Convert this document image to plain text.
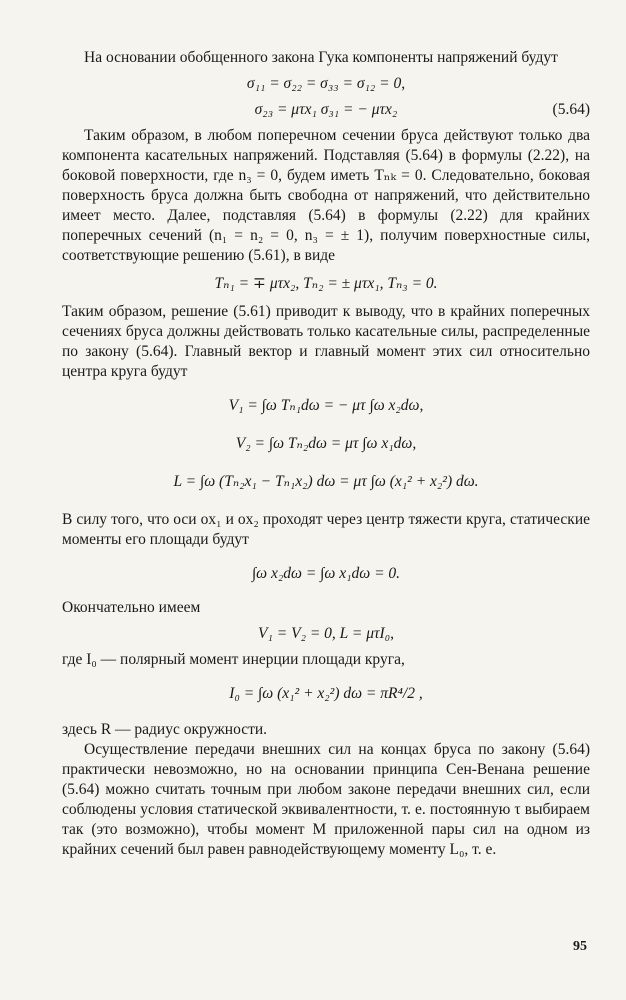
На основании обобщенного закона Гука компоненты напряжений будут

σ₁₁ = σ₂₂ = σ₃₃ = σ₁₂ = 0,
σ₂₃ = μτx₁ σ₃₁ = − μτx₂	(5.64)

Таким образом, в любом поперечном сечении бруса действуют только два компонента касательных напряжений. Подставляя (5.64) в формулы (2.22), на боковой поверхности, где n₃ = 0, будем иметь Tₙₖ = 0. Следовательно, боковая поверхность бруса должна быть свободна от напряжений, что действительно имеет место. Далее, подставляя (5.64) в формулы (2.22) для крайних поперечных сечений (n₁ = n₂ = 0, n₃ = ± 1), получим поверхностные силы, соответствующие решению (5.61), в виде

Tₙ₁ = ∓ μτx₂, Tₙ₂ = ± μτx₁, Tₙ₃ = 0.

Таким образом, решение (5.61) приводит к выводу, что в крайних поперечных сечениях бруса должны действовать только касательные силы, распределенные по закону (5.64). Главный вектор и главный момент этих сил относительно центра круга будут

V₁ = ∫ω Tₙ₁dω = − μτ ∫ω x₂dω,
V₂ = ∫ω Tₙ₂dω = μτ ∫ω x₁dω,
L = ∫ω (Tₙ₂x₁ − Tₙ₁x₂) dω = μτ ∫ω (x₁² + x₂²) dω.

В силу того, что оси ox₁ и ox₂ проходят через центр тяжести круга, статические моменты его площади будут

∫ω x₂dω = ∫ω x₁dω = 0.

Окончательно имеем

V₁ = V₂ = 0, L = μτI₀,

где I₀ — полярный момент инерции площади круга,

I₀ = ∫ω (x₁² + x₂²) dω = πR⁴/2 ,

здесь R — радиус окружности.

Осуществление передачи внешних сил на концах бруса по закону (5.64) практически невозможно, но на основании принципа Сен-Венана решение (5.64) можно считать точным при любом законе передачи внешних сил, если соблюдены условия статической эквивалентности, т. е. постоянную τ выбираем так (это возможно), чтобы момент M приложенной пары сил на одном из крайних сечений был равен равнодействующему моменту L₀, т. е.

95
